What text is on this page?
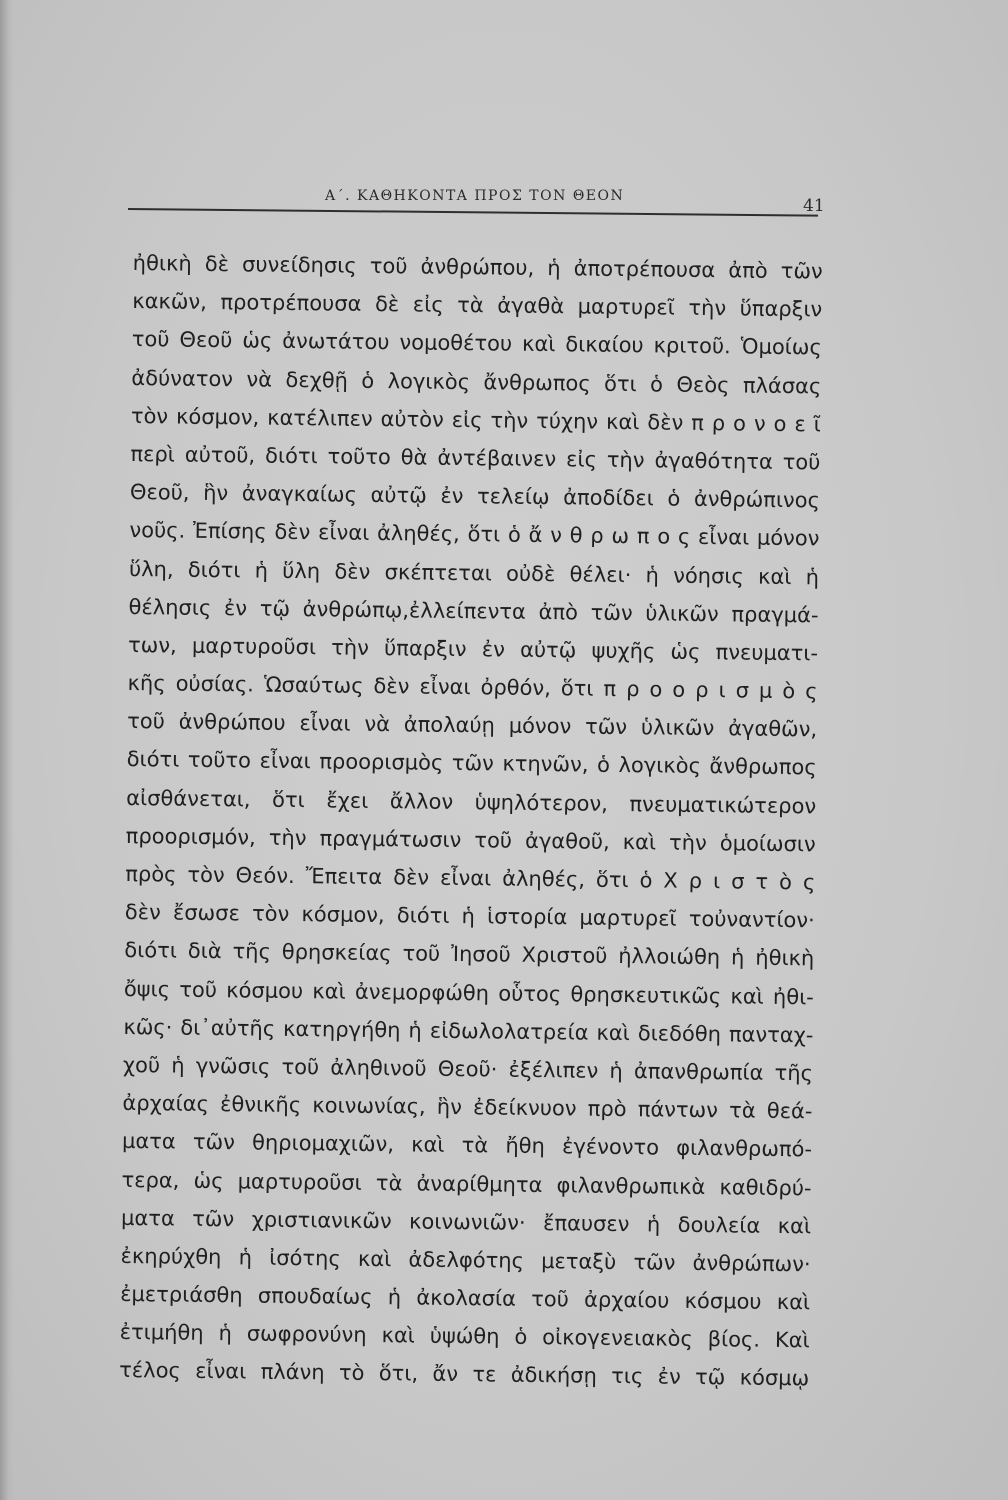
Α΄. ΚΑΘΗΚΟΝΤΑ ΠΡΟΣ ΤΟΝ ΘΕΟΝ	41
ἠθικὴ δὲ συνείδησις τοῦ ἀνθρώπου, ἡ ἀποτρέπουσα ἀπὸ τῶν
κακῶν, προτρέπουσα δὲ εἰς τὰ ἀγαθὰ μαρτυρεῖ τὴν ὕπαρξιν
τοῦ Θεοῦ ὡς ἀνωτάτου νομοθέτου καὶ δικαίου κριτοῦ. Ὁμοίως
ἀδύνατον νὰ δεχθῇ ὁ λογικὸς ἄνθρωπος ὅτι ὁ Θεὸς πλάσας
τὸν κόσμον, κατέλιπεν αὐτὸν εἰς τὴν τύχην καὶ δὲν π ρ ο ν ο ε ῖ
περὶ αὐτοῦ, διότι τοῦτο θὰ ἀντέβαινεν εἰς τὴν ἀγαθότητα τοῦ
Θεοῦ, ἣν ἀναγκαίως αὐτῷ ἐν τελείῳ ἀποδίδει ὁ ἀνθρώπινος
νοῦς. Ἐπίσης δὲν εἶναι ἀληθές, ὅτι ὁ ἄ ν θ ρ ω π ο ς εἶναι μόνον
ὕλη, διότι ἡ ὕλη δὲν σκέπτεται οὐδὲ θέλει· ἡ νόησις καὶ ἡ
θέλησις ἐν τῷ ἀνθρώπῳ,ἐλλείπεντα ἀπὸ τῶν ὑλικῶν πραγμά-
των, μαρτυροῦσι τὴν ὕπαρξιν ἐν αὐτῷ ψυχῆς ὡς πνευματι-
κῆς οὐσίας. Ὡσαύτως δὲν εἶναι ὀρθόν, ὅτι π ρ ο ο ρ ι σ μ ὸ ς
τοῦ ἀνθρώπου εἶναι νὰ ἀπολαύῃ μόνον τῶν ὑλικῶν ἀγαθῶν,
διότι τοῦτο εἶναι προορισμὸς τῶν κτηνῶν, ὁ λογικὸς ἄνθρωπος
αἰσθάνεται, ὅτι ἔχει ἄλλον ὑψηλότερον, πνευματικώτερον
προορισμόν, τὴν πραγμάτωσιν τοῦ ἀγαθοῦ, καὶ τὴν ὁμοίωσιν
πρὸς τὸν Θεόν. Ἔπειτα δὲν εἶναι ἀληθές, ὅτι ὁ Χ ρ ι σ τ ὸ ς
δὲν ἔσωσε τὸν κόσμον, διότι ἡ ἱστορία μαρτυρεῖ τοὐναντίον·
διότι διὰ τῆς θρησκείας τοῦ Ἰησοῦ Χριστοῦ ἠλλοιώθη ἡ ἠθικὴ
ὄψις τοῦ κόσμου καὶ ἀνεμορφώθη οὗτος θρησκευτικῶς καὶ ἠθι-
κῶς· δι᾽αὐτῆς κατηργήθη ἡ εἰδωλολατρεία καὶ διεδόθη πανταχ-
χοῦ ἡ γνῶσις τοῦ ἀληθινοῦ Θεοῦ· ἐξέλιπεν ἡ ἀπανθρωπία τῆς
ἀρχαίας ἐθνικῆς κοινωνίας, ἣν ἐδείκνυον πρὸ πάντων τὰ θεά-
ματα τῶν θηριομαχιῶν, καὶ τὰ ἤθη ἐγένοντο φιλανθρωπό-
τερα, ὡς μαρτυροῦσι τὰ ἀναρίθμητα φιλανθρωπικὰ καθιδρύ-
ματα τῶν χριστιανικῶν κοινωνιῶν· ἔπαυσεν ἡ δουλεία καὶ
ἐκηρύχθη ἡ ἰσότης καὶ ἀδελφότης μεταξὺ τῶν ἀνθρώπων·
ἐμετριάσθη σπουδαίως ἡ ἀκολασία τοῦ ἀρχαίου κόσμου καὶ
ἐτιμήθη ἡ σωφρονύνη καὶ ὑψώθη ὁ οἰκογενειακὸς βίος. Καὶ
τέλος εἶναι πλάνη τὸ ὅτι, ἄν τε ἀδικήσῃ τις ἐν τῷ κόσμῳ
